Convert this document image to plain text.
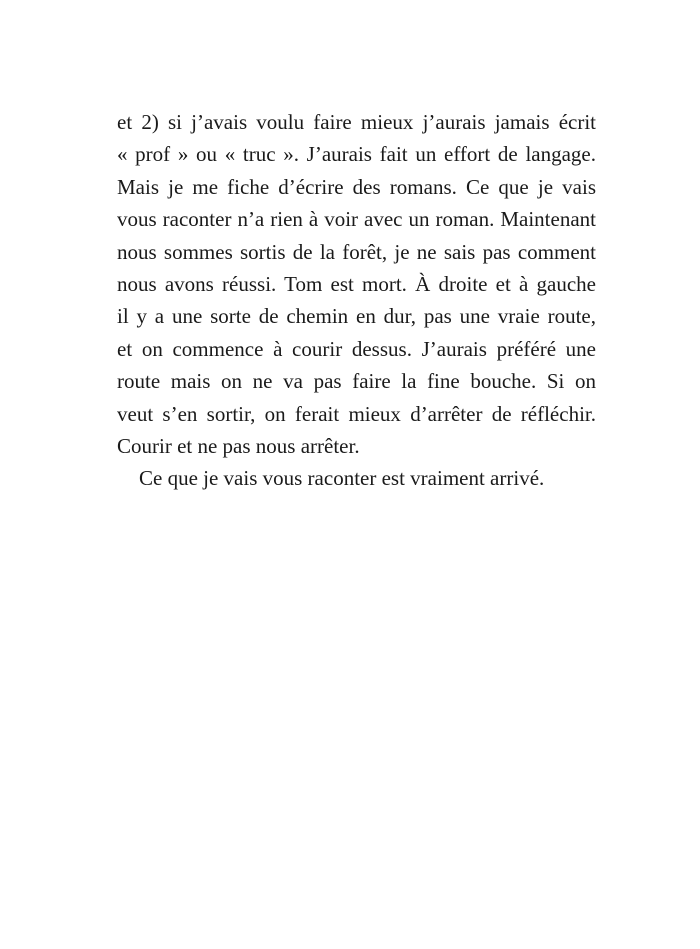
et 2) si j’avais voulu faire mieux j’aurais jamais écrit
« prof » ou « truc ». J’aurais fait un effort de langage.
Mais je me fiche d’écrire des romans. Ce que je vais
vous raconter n’a rien à voir avec un roman. Maintenant
nous sommes sortis de la forêt, je ne sais pas comment
nous avons réussi. Tom est mort. À droite et à gauche
il y a une sorte de chemin en dur, pas une vraie route,
et on commence à courir dessus. J’aurais préféré une
route mais on ne va pas faire la fine bouche. Si on
veut s’en sortir, on ferait mieux d’arrêter de réfléchir.
Courir et ne pas nous arrêter.
Ce que je vais vous raconter est vraiment arrivé.
